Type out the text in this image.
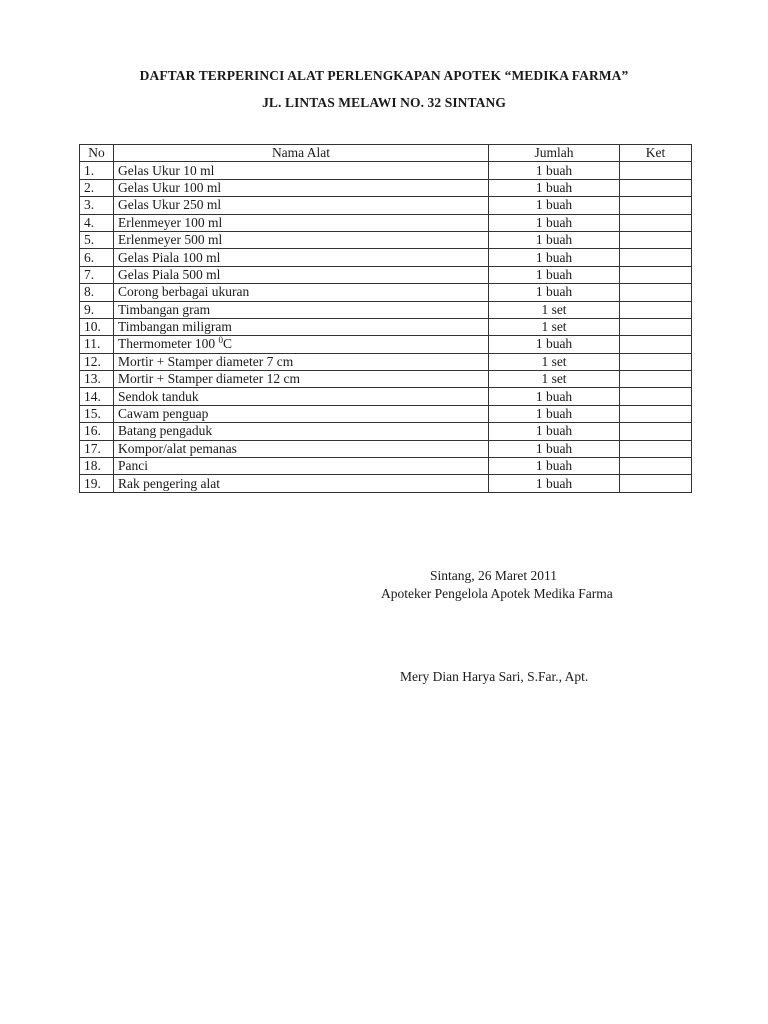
DAFTAR TERPERINCI ALAT PERLENGKAPAN APOTEK “MEDIKA FARMA”
JL. LINTAS MELAWI NO. 32 SINTANG
No	Nama Alat	Jumlah	Ket
1.	Gelas Ukur 10 ml	1 buah	
2.	Gelas Ukur 100 ml	1 buah	
3.	Gelas Ukur 250 ml	1 buah	
4.	Erlenmeyer 100 ml	1 buah	
5.	Erlenmeyer 500 ml	1 buah	
6.	Gelas Piala 100 ml	1 buah	
7.	Gelas Piala 500 ml	1 buah	
8.	Corong berbagai ukuran	1 buah	
9.	Timbangan gram	1 set	
10.	Timbangan miligram	1 set	
11.	Thermometer 100 $^0$C	1 buah	
12.	Mortir + Stamper diameter 7 cm	1 set	
13.	Mortir + Stamper diameter 12 cm	1 set	
14.	Sendok tanduk	1 buah	
15.	Cawam penguap	1 buah	
16.	Batang pengaduk	1 buah	
17.	Kompor/alat pemanas	1 buah	
18.	Panci	1 buah	
19.	Rak pengering alat	1 buah	
Sintang, 26 Maret 2011
Apoteker Pengelola Apotek Medika Farma
Mery Dian Harya Sari, S.Far., Apt.
